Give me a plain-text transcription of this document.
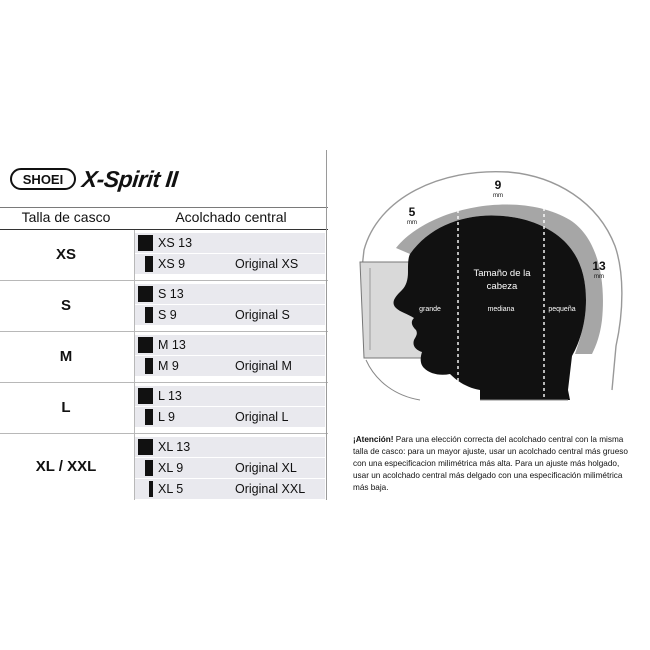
SHOEI X-Spirit II
Talla de casco	Acolchado central
XS
XS 13
XS 9	Original XS
S
S 13
S 9	Original S
M
M 13
M 9	Original M
L
L 13
L 9	Original L
XL / XXL
XL 13
XL 9	Original XL
XL 5	Original XXL
5
mm
9
mm
13
mm
Tamaño de la
cabeza
grande	mediana	pequeña
¡Atención! Para una elección correcta del acolchado central con la misma talla de casco: para un mayor ajuste, usar un acolchado central más grueso con una especificacion milimétrica más alta. Para un ajuste más holgado, usar un acolchado central más delgado con una especificación milimétrica más baja.
